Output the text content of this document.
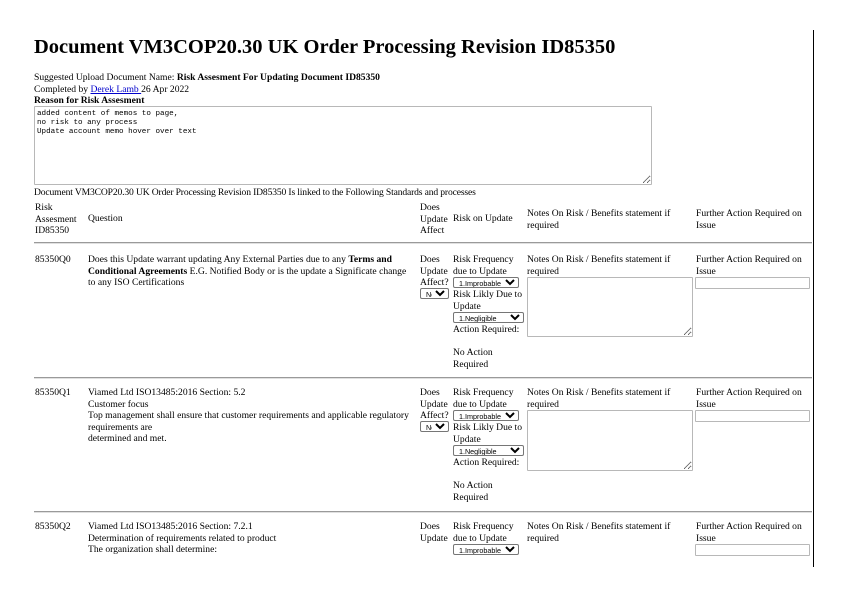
Document VM3COP20.30 UK Order Processing Revision ID85350
Suggested Upload Document Name: Risk Assesment For Updating Document ID85350
Completed by Derek Lamb 26 Apr 2022
Reason for Risk Assesment
added content of memos to page, no risk to any process Update account memo hover over text
Document VM3COP20.30 UK Order Processing Revision ID85350 Is linked to the Following Standards and processes
Risk Assesment ID85350
Question
Does Update Affect
Risk on Update Notes On Risk / Benefits statement if required
Further Action Required on Issue
85350Q0 Does this Update warrant updating Any External Parties due to any Terms and Conditional Agreements E.G. Notified Body or is the update a Significate change to any ISO Certifications
Does Update Affect?
No
Risk Frequency due to Update
1.Improbable
Risk Likly Due to Update
1.Negligible
Action Required:
No Action Required
Notes On Risk / Benefits statement if required
Further Action Required on Issue
85350Q1 Viamed Ltd ISO13485:2016 Section: 5.2
Customer focus
Top management shall ensure that customer requirements and applicable regulatory requirements are
determined and met.
Does Update Affect?
No
Risk Frequency due to Update
1.Improbable
Risk Likly Due to Update
1.Negligible
Action Required:
No Action Required
Notes On Risk / Benefits statement if required
Further Action Required on Issue
85350Q2 Viamed Ltd ISO13485:2016 Section: 7.2.1
Determination of requirements related to product
The organization shall determine:
Does Update
Risk Frequency due to Update
1.Improbable
Notes On Risk / Benefits statement if required
Further Action Required on Issue
